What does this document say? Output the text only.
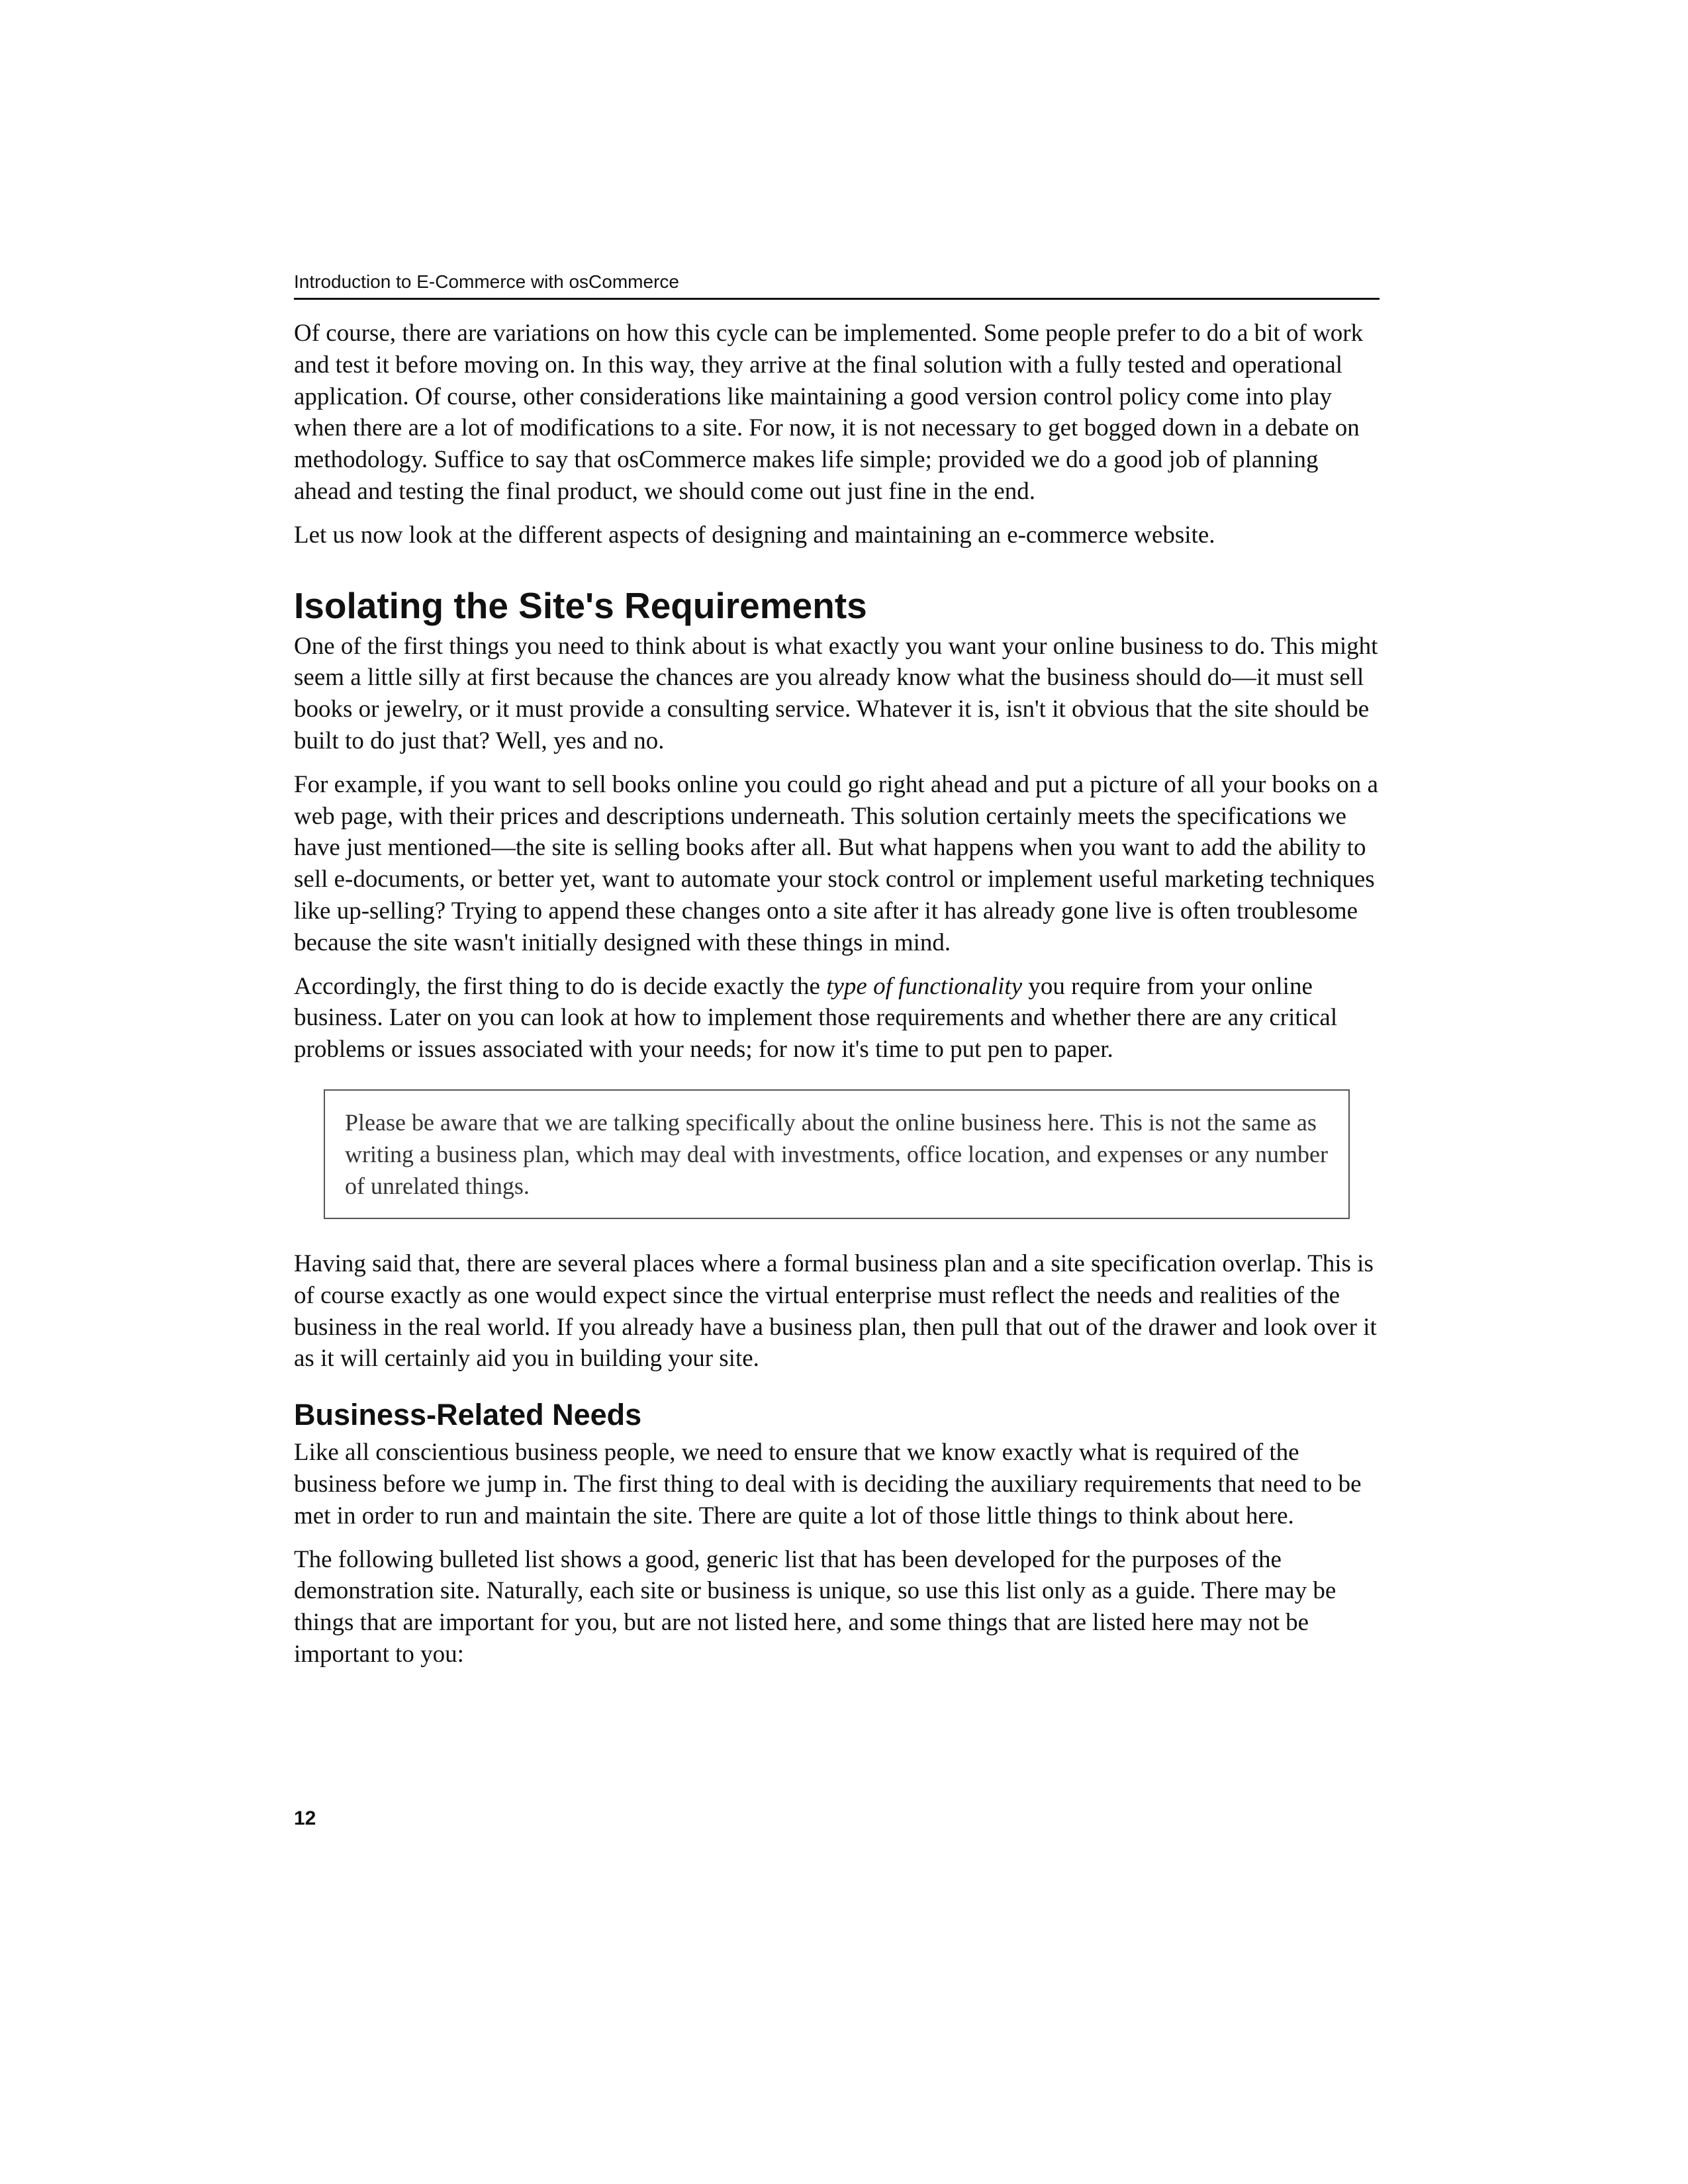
Introduction to E-Commerce with osCommerce

Of course, there are variations on how this cycle can be implemented. Some people prefer to do a bit of work and test it before moving on. In this way, they arrive at the final solution with a fully tested and operational application. Of course, other considerations like maintaining a good version control policy come into play when there are a lot of modifications to a site. For now, it is not necessary to get bogged down in a debate on methodology. Suffice to say that osCommerce makes life simple; provided we do a good job of planning ahead and testing the final product, we should come out just fine in the end.

Let us now look at the different aspects of designing and maintaining an e-commerce website.

Isolating the Site's Requirements

One of the first things you need to think about is what exactly you want your online business to do. This might seem a little silly at first because the chances are you already know what the business should do—it must sell books or jewelry, or it must provide a consulting service. Whatever it is, isn't it obvious that the site should be built to do just that? Well, yes and no.

For example, if you want to sell books online you could go right ahead and put a picture of all your books on a web page, with their prices and descriptions underneath. This solution certainly meets the specifications we have just mentioned—the site is selling books after all. But what happens when you want to add the ability to sell e-documents, or better yet, want to automate your stock control or implement useful marketing techniques like up-selling? Trying to append these changes onto a site after it has already gone live is often troublesome because the site wasn't initially designed with these things in mind.

Accordingly, the first thing to do is decide exactly the type of functionality you require from your online business. Later on you can look at how to implement those requirements and whether there are any critical problems or issues associated with your needs; for now it's time to put pen to paper.

Please be aware that we are talking specifically about the online business here. This is not the same as writing a business plan, which may deal with investments, office location, and expenses or any number of unrelated things.

Having said that, there are several places where a formal business plan and a site specification overlap. This is of course exactly as one would expect since the virtual enterprise must reflect the needs and realities of the business in the real world. If you already have a business plan, then pull that out of the drawer and look over it as it will certainly aid you in building your site.

Business-Related Needs

Like all conscientious business people, we need to ensure that we know exactly what is required of the business before we jump in. The first thing to deal with is deciding the auxiliary requirements that need to be met in order to run and maintain the site. There are quite a lot of those little things to think about here.

The following bulleted list shows a good, generic list that has been developed for the purposes of the demonstration site. Naturally, each site or business is unique, so use this list only as a guide. There may be things that are important for you, but are not listed here, and some things that are listed here may not be important to you:

12
